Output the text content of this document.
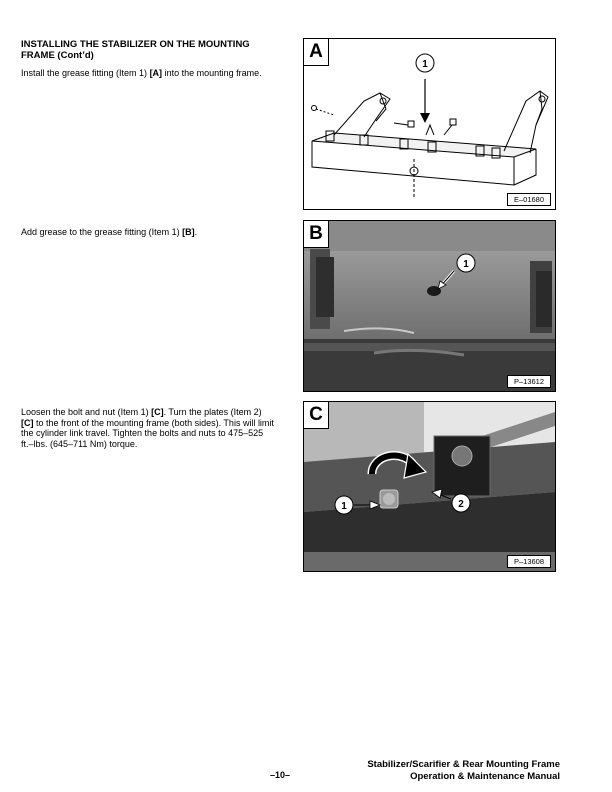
INSTALLING THE STABILIZER ON THE MOUNTING FRAME (Cont’d)
Install the grease fitting (Item 1) [A] into the mounting frame.
Add grease to the grease fitting (Item 1) [B].
Loosen the bolt and nut (Item 1) [C]. Turn the plates (Item 2) [C] to the front of the mounting frame (both sides). This will limit the cylinder link travel. Tighten the bolts and nuts to 475–525 ft.–lbs. (645–711 Nm) torque.
A
1
E–01680
B
1
P–13612
C
1	2
P–13608
–10–
Stabilizer/Scarifier & Rear Mounting Frame
Operation & Maintenance Manual
